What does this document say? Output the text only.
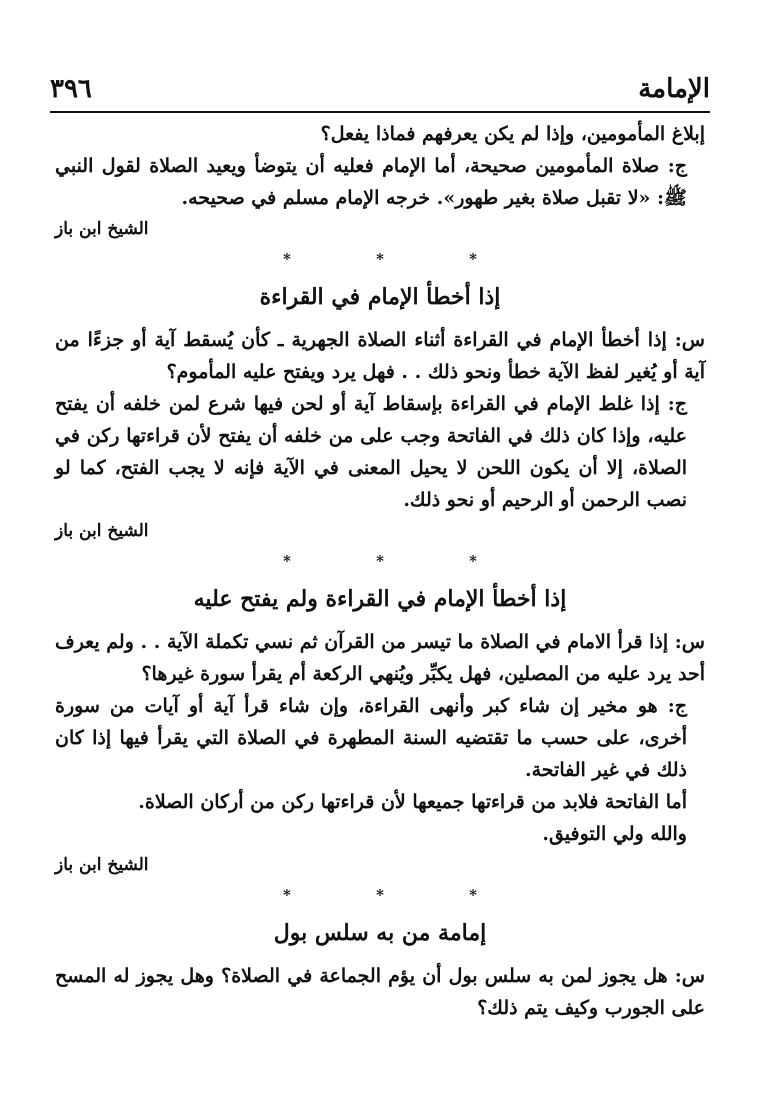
الإمامة
٣٩٦

إبلاغ المأمومين، وإذا لم يكن يعرفهم فماذا يفعل؟

ج: صلاة المأمومين صحيحة، أما الإمام فعليه أن يتوضأ ويعيد الصلاة لقول النبي ﷺ: «لا تقبل صلاة بغير طهور». خرجه الإمام مسلم في صحيحه.

الشيخ ابن باز
* * *
إذا أخطأ الإمام في القراءة

س: إذا أخطأ الإمام في القراءة أثناء الصلاة الجهرية ـ كأن يُسقط آية أو جزءًا من آية أو يُغير لفظ الآية خطأ ونحو ذلك . . فهل يرد ويفتح عليه المأموم؟

ج: إذا غلط الإمام في القراءة بإسقاط آية أو لحن فيها شرع لمن خلفه أن يفتح عليه، وإذا كان ذلك في الفاتحة وجب على من خلفه أن يفتح لأن قراءتها ركن في الصلاة، إلا أن يكون اللحن لا يحيل المعنى في الآية فإنه لا يجب الفتح، كما لو نصب الرحمن أو الرحيم أو نحو ذلك.

الشيخ ابن باز
* * *
إذا أخطأ الإمام في القراءة ولم يفتح عليه

س: إذا قرأ الامام في الصلاة ما تيسر من القرآن ثم نسي تكملة الآية . . ولم يعرف أحد يرد عليه من المصلين، فهل يكبِّر ويُنهي الركعة أم يقرأ سورة غيرها؟

ج: هو مخير إن شاء كبر وأنهى القراءة، وإن شاء قرأ آية أو آيات من سورة أخرى، على حسب ما تقتضيه السنة المطهرة في الصلاة التي يقرأ فيها إذا كان ذلك في غير الفاتحة.

أما الفاتحة فلابد من قراءتها جميعها لأن قراءتها ركن من أركان الصلاة.

والله ولي التوفيق.

الشيخ ابن باز
* * *
إمامة من به سلس بول

س: هل يجوز لمن به سلس بول أن يؤم الجماعة في الصلاة؟ وهل يجوز له المسح على الجورب وكيف يتم ذلك؟
